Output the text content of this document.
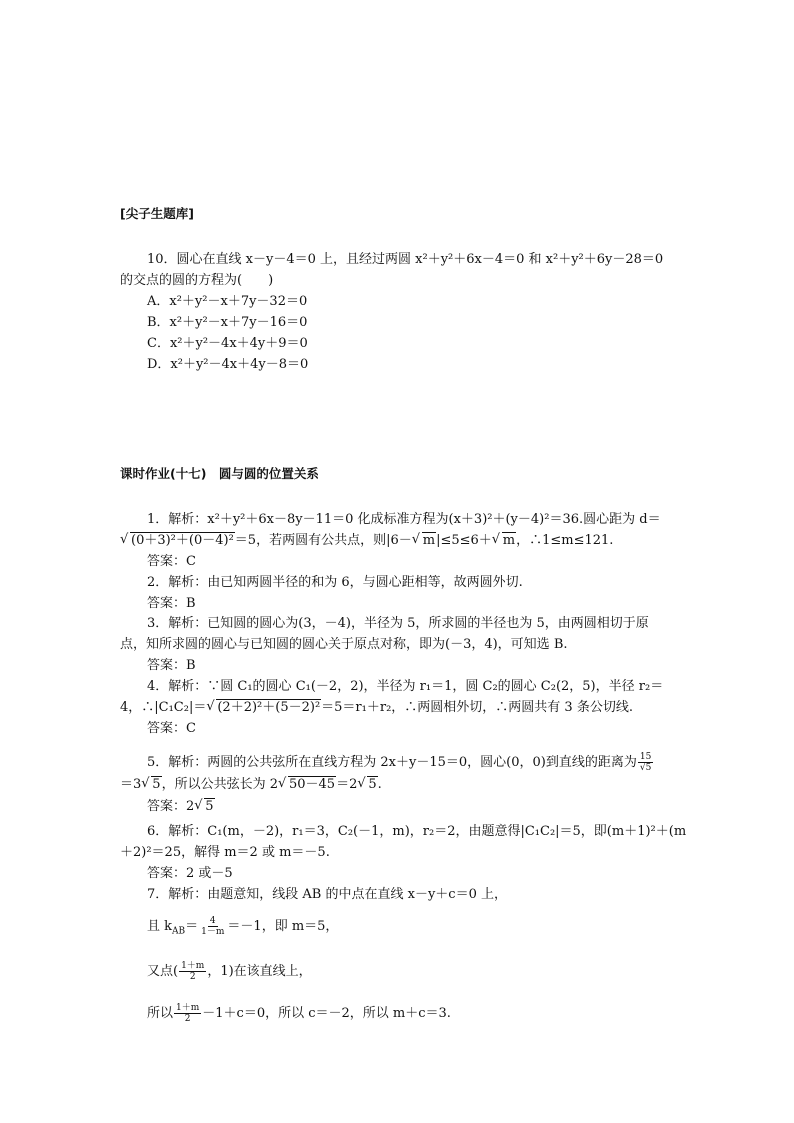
[尖子生题库]
10．圆心在直线 x－y－4＝0 上，且经过两圆 x²＋y²＋6x－4＝0 和 x²＋y²＋6y－28＝0
的交点的圆的方程为(　　)
A．x²＋y²－x＋7y－32＝0
B．x²＋y²－x＋7y－16＝0
C．x²＋y²－4x＋4y＋9＝0
D．x²＋y²－4x＋4y－8＝0
课时作业(十七)　圆与圆的位置关系
1．解析：x²＋y²＋6x－8y－11＝0 化成标准方程为(x＋3)²＋(y－4)²＝36.圆心距为 d＝
√ (0＋3)²＋(0－4)²＝5，若两圆有公共点，则|6－ √ m|≤5≤6＋ √ m，∴1≤m≤121.
答案：C
2．解析：由已知两圆半径的和为 6，与圆心距相等，故两圆外切.
答案：B
3．解析：已知圆的圆心为(3，－4)，半径为 5，所求圆的半径也为 5，由两圆相切于原
点，知所求圆的圆心与已知圆的圆心关于原点对称，即为(－3，4)，可知选 B.
答案：B
4．解析：∵圆 C₁的圆心 C₁(－2，2)，半径为 r₁＝1，圆 C₂的圆心 C₂(2，5)，半径 r₂＝
4，∴|C₁C₂|＝ √ (2＋2)²＋(5－2)²＝5＝r₁＋r₂，∴两圆相外切，∴两圆共有 3 条公切线.
答案：C
5．解析：两圆的公共弦所在直线方程为 2x＋y－15＝0，圆心(0，0)到直线的距离为 $\frac{15}{√5}$
＝3 √ 5，所以公共弦长为 2 √ 50－45＝2 √ 5.
答案：2 √ 5
6．解析：C₁(m，－2)，r₁＝3，C₂(－1，m)，r₂＝2，由题意得|C₁C₂|＝5，即(m＋1)²＋(m
＋2)²＝25，解得 m＝2 或 m＝－5.
答案：2 或－5
7．解析：由题意知，线段 AB 的中点在直线 x－y＋c＝0 上，
且 $k_{AB}= \frac{4}{1-m} =-1$，即 m＝5，
又点( $\frac{1+m}{2}$ ，1)在该直线上，
所以 $\frac{1+m}{2} -1+c=0$，所以 c＝－2，所以 m＋c＝3.
